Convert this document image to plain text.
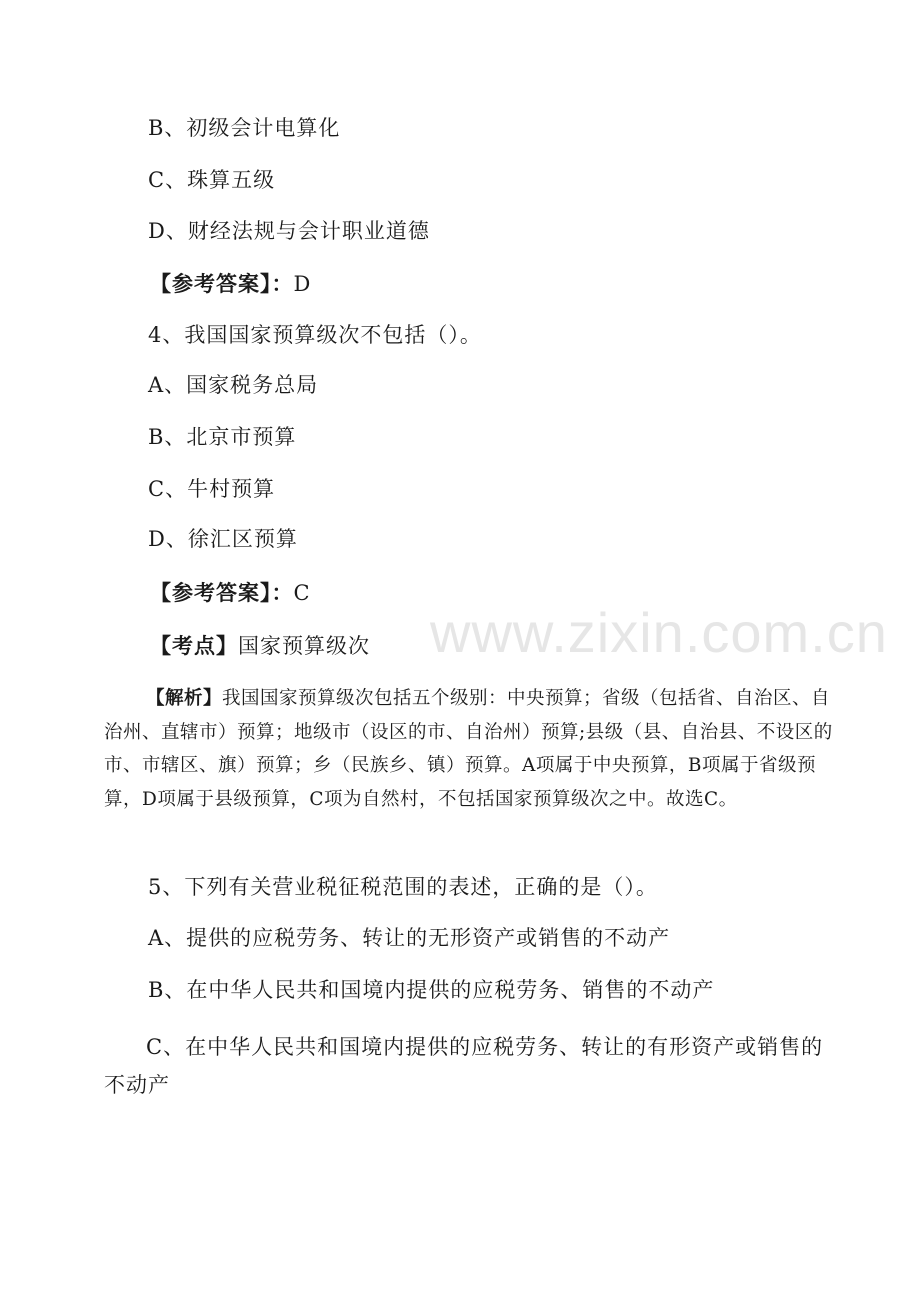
www.zixin.com.cn
B、初级会计电算化
C、珠算五级
D、财经法规与会计职业道德
【参考答案】：D
4、我国国家预算级次不包括（）。
A、国家税务总局
B、北京市预算
C、牛村预算
D、徐汇区预算
【参考答案】：C
【考点】国家预算级次
【解析】我国国家预算级次包括五个级别：中央预算；省级（包括省、自治区、自治州、直辖市）预算；地级市（设区的市、自治州）预算;县级（县、自治县、不设区的市、市辖区、旗）预算；乡（民族乡、镇）预算。A项属于中央预算，B项属于省级预算，D项属于县级预算，C项为自然村，不包括国家预算级次之中。故选C。
5、下列有关营业税征税范围的表述，正确的是（）。
A、提供的应税劳务、转让的无形资产或销售的不动产
B、在中华人民共和国境内提供的应税劳务、销售的不动产
C、在中华人民共和国境内提供的应税劳务、转让的有形资产或销售的不动产
